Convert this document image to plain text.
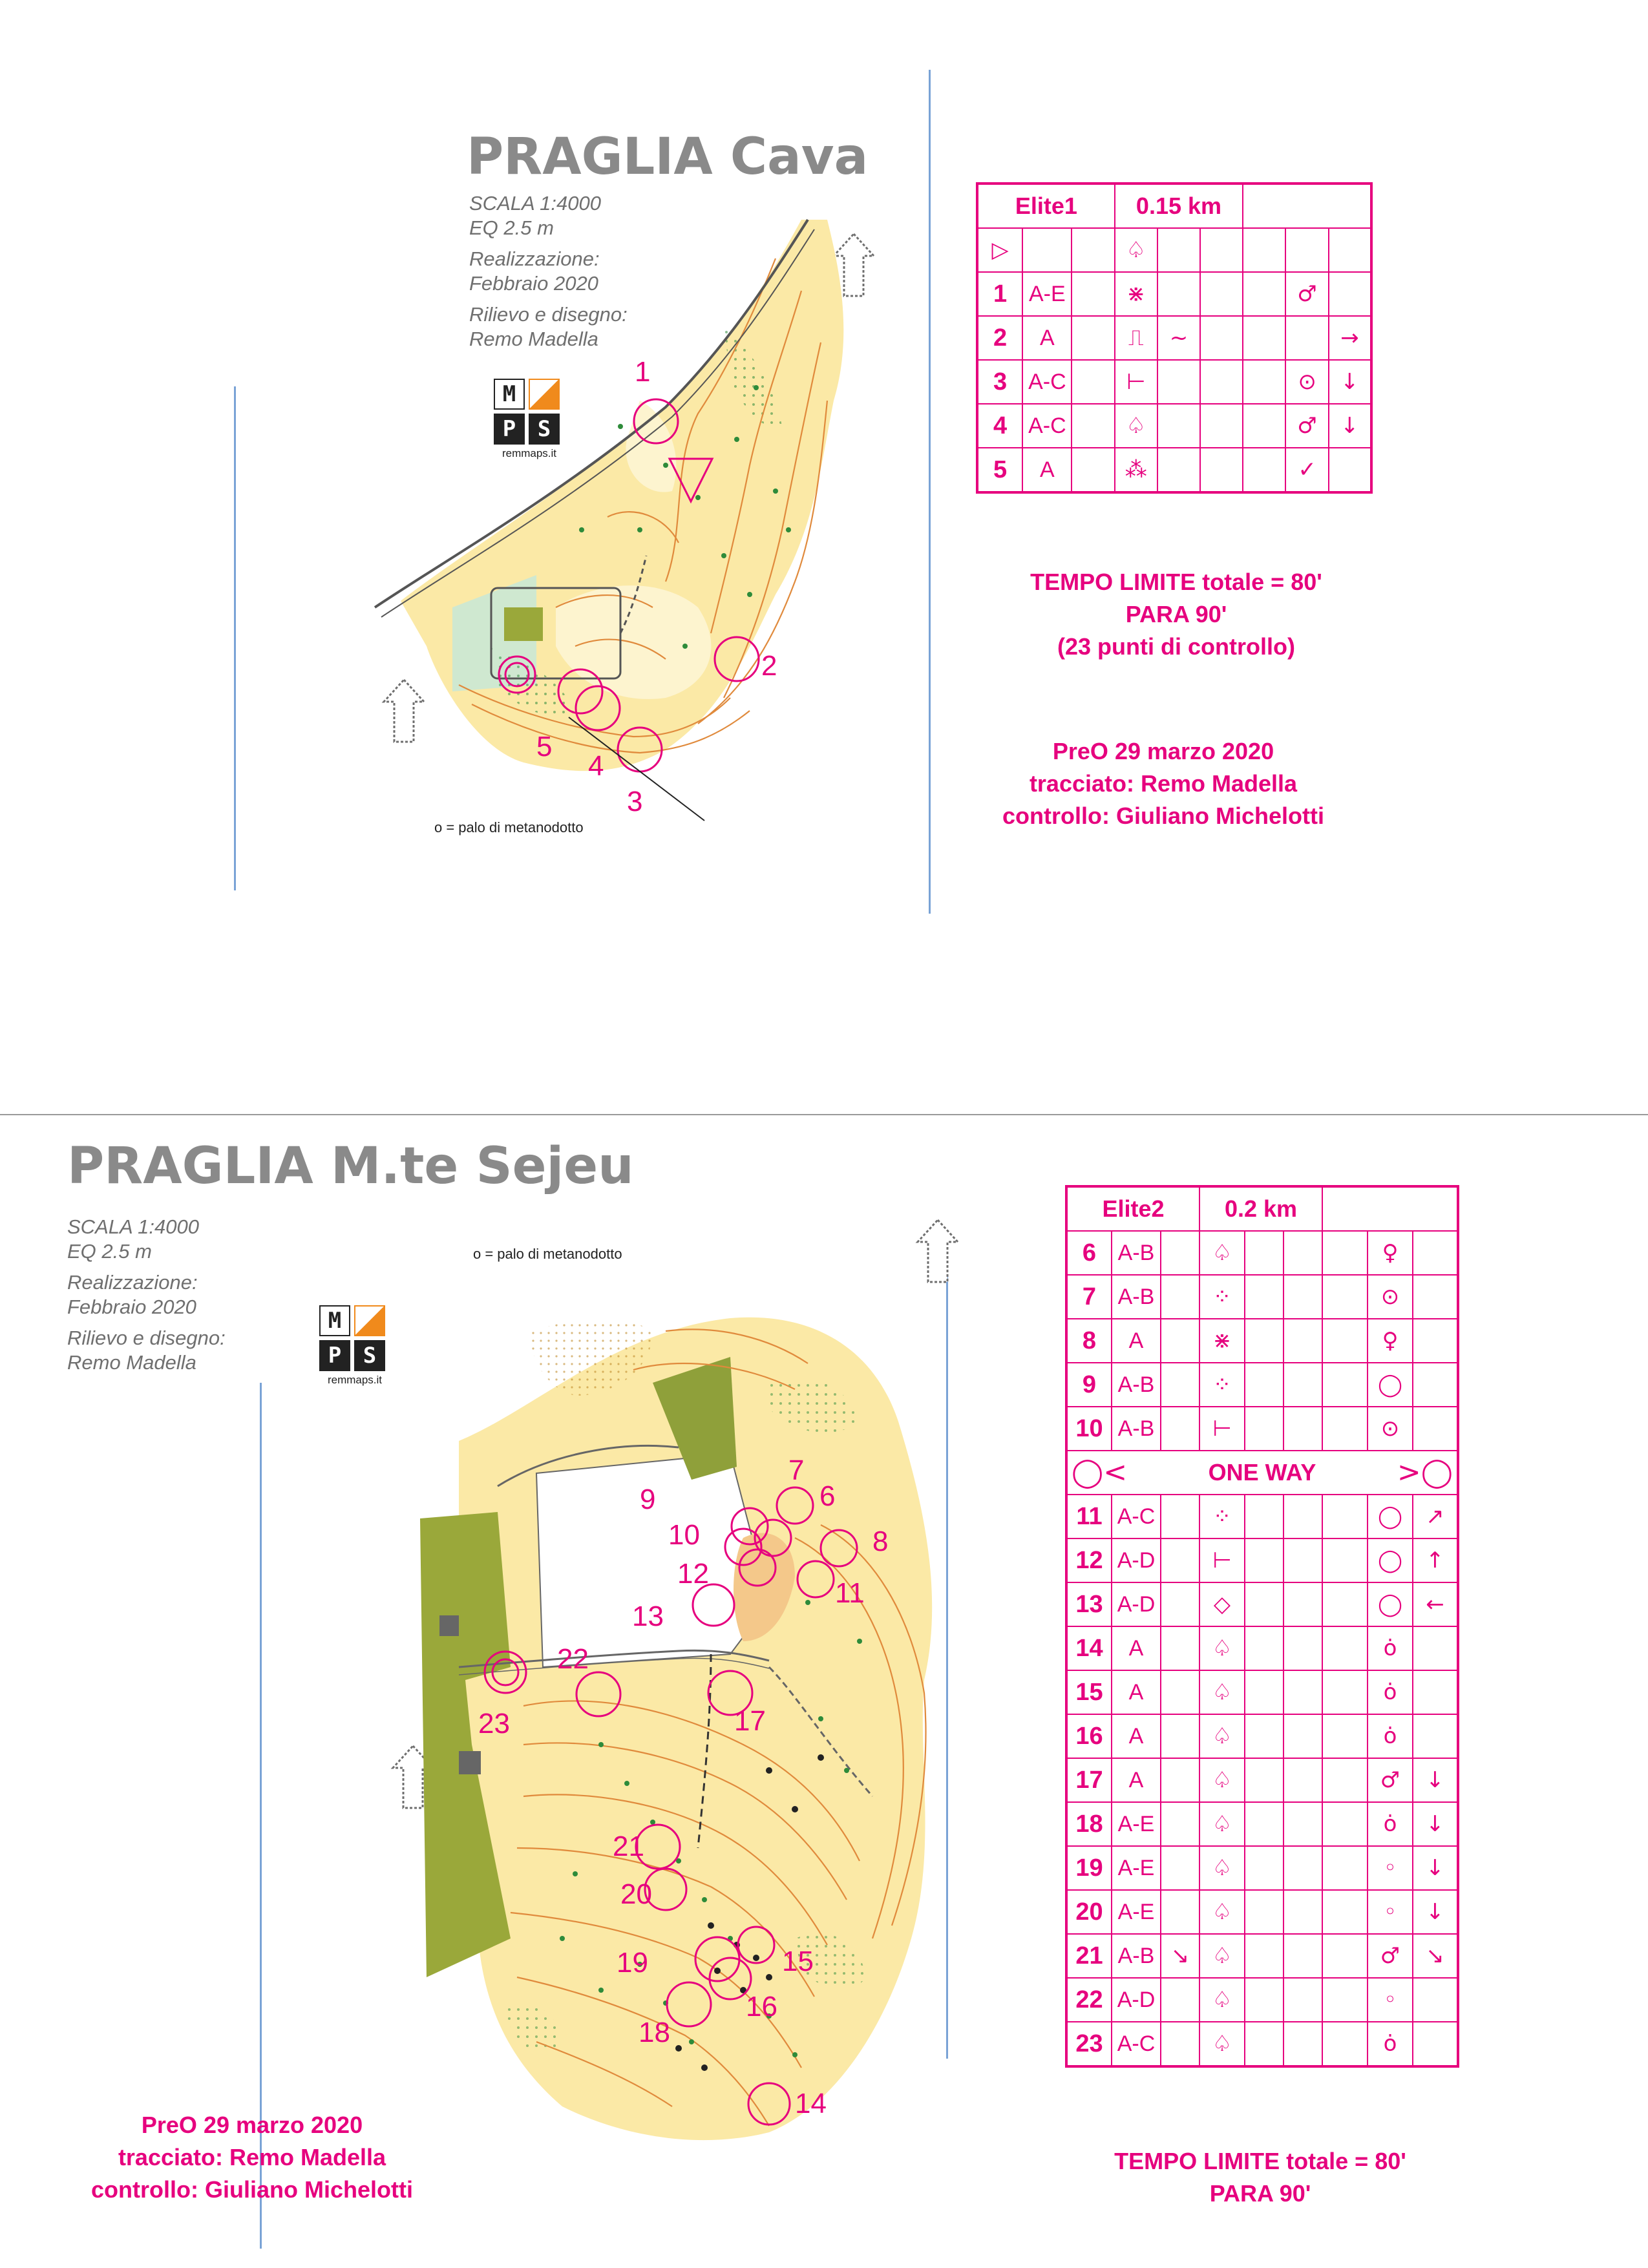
PRAGLIA Cava
SCALA 1:4000
EQ 2.5 m
Realizzazione:
Febbraio 2020
Rilievo e disegno:
Remo Madella
M
P S
remmaps.it
1
2
3
4
5
o = palo di metanodotto
Elite1			0.15 km					
▷			♤					
1	A-E		⋇				♂	
2	A		⎍	~				→
3	A-C		⊢				⊙	↓
4	A-C		♤				♂	↓
5	A		⁂				✓	
TEMPO LIMITE totale = 80'
PARA 90'
(23 punti di controllo)
PreO 29 marzo 2020
tracciato: Remo Madella
controllo: Giuliano Michelotti
PRAGLIA M.te Sejeu
SCALA 1:4000
EQ 2.5 m
Realizzazione:
Febbraio 2020
Rilievo e disegno:
Remo Madella
M
P S
remmaps.it
o = palo di metanodotto
6
7
8
9
10
11
12
13
14
15
16
17
18
19
20
21
22
23
Elite2			0.2 km					
6	A-B		♤				♀	
7	A-B		⁘				⊙	
8	A		⋇				♀	
9	A-B		⁘				◯	
10	A-B		⊢				⊙	

◯< ONE WAY >◯								

11	A-C		⁘				◯	↗
12	A-D		⊢				◯	↑
13	A-D		◇				◯	←
14	A		♤				ȯ	
15	A		♤				ȯ	
16	A		♤				ȯ	
17	A		♤				♂	↓
18	A-E		♤				ȯ	↓
19	A-E		♤				◦	↓
20	A-E		♤				◦	↓
21	A-B	↘	♤				♂	↘
22	A-D		♤				◦	
23	A-C		♤				ȯ	
TEMPO LIMITE totale = 80'
PARA 90'
PreO 29 marzo 2020
tracciato: Remo Madella
controllo: Giuliano Michelotti
